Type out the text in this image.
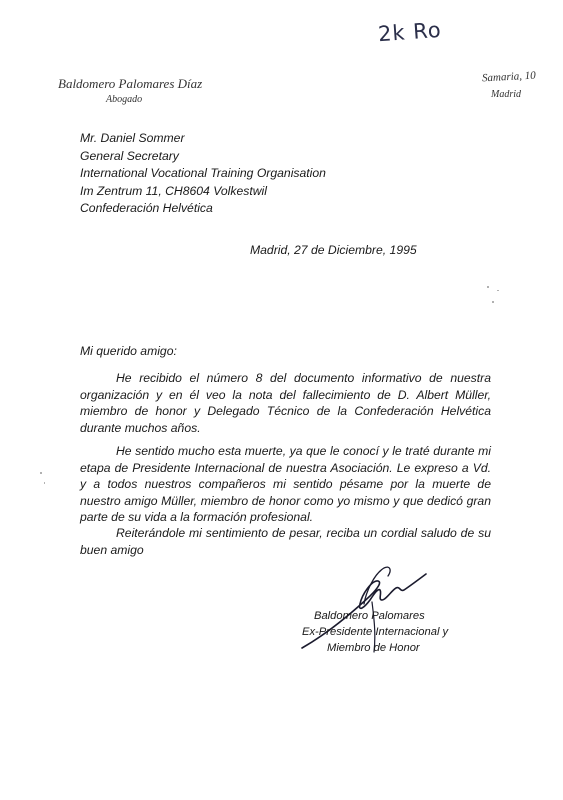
2k Ro
Baldomero Palomares Díaz
Abogado
Samaria, 10
Madrid
Mr. Daniel Sommer
General Secretary
International Vocational Training Organisation
Im Zentrum 11, CH8604 Volkestwil
Confederación Helvética
Madrid, 27 de Diciembre, 1995
Mi querido amigo:

He recibido el número 8 del documento informativo de nuestra organización y en él veo la nota del fallecimiento de D. Albert Müller, miembro de honor y Delegado Técnico de la Confederación Helvética durante muchos años.

He sentido mucho esta muerte, ya que le conocí y le traté durante mi etapa de Presidente Internacional de nuestra Asociación. Le expreso a Vd. y a todos nuestros compañeros mi sentido pésame por la muerte de nuestro amigo Müller, miembro de honor como yo mismo y que dedicó gran parte de su vida a la formación profesional.

Reiterándole mi sentimiento de pesar, reciba un cordial saludo de su buen amigo

Baldomero Palomares
Ex-Presidente Internacional y
Miembro de Honor
